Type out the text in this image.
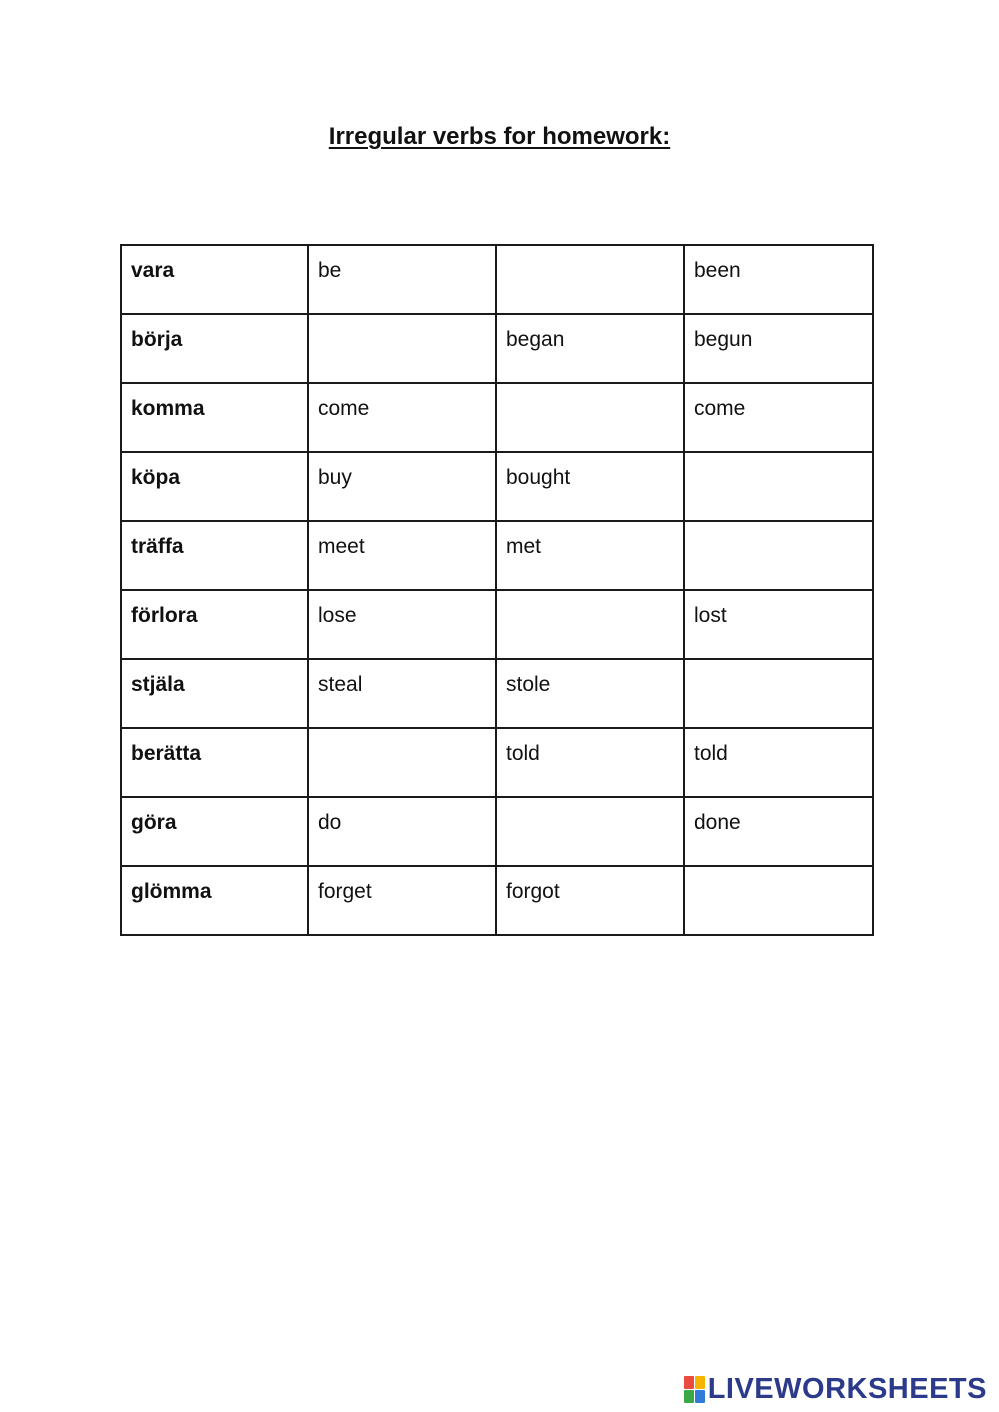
Irregular verbs for homework:
vara	be		been
börja		began	begun
komma	come		come
köpa	buy	bought	
träffa	meet	met	
förlora	lose		lost
stjäla	steal	stole	
berätta		told	told
göra	do		done
glömma	forget	forgot	
LIVEWORKSHEETS
